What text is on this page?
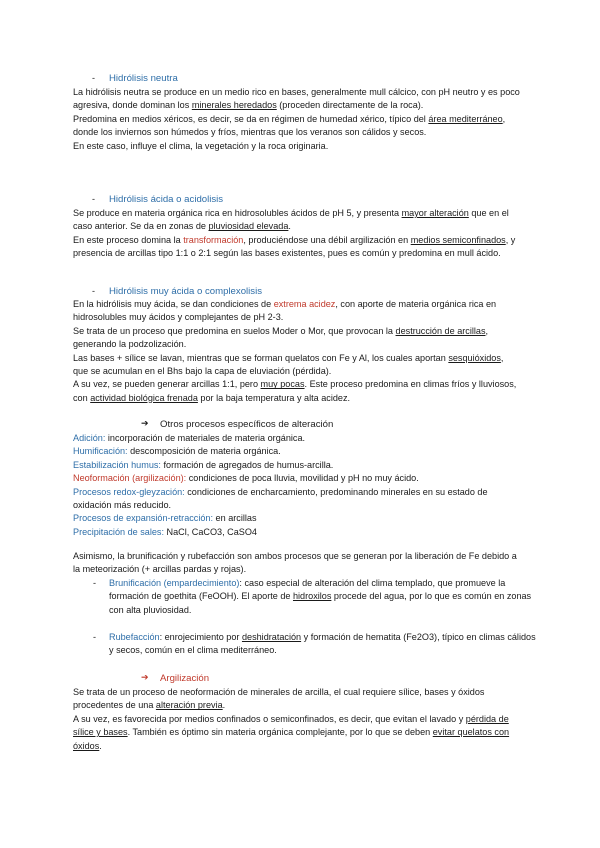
- Hidrólisis neutra

La hidrólisis neutra se produce en un medio rico en bases, generalmente mull cálcico, con pH neutro y es poco agresiva, donde dominan los minerales heredados (proceden directamente de la roca).

Predomina en medios xéricos, es decir, se da en régimen de humedad xérico, típico del área mediterráneo, donde los inviernos son húmedos y fríos, mientras que los veranos son cálidos y secos.

En este caso, influye el clima, la vegetación y la roca originaria.

- Hidrólisis ácida o acidolisis

Se produce en materia orgánica rica en hidrosolubles ácidos de pH 5, y presenta mayor alteración que en el caso anterior. Se da en zonas de pluviosidad elevada.

En este proceso domina la transformación, produciéndose una débil argilización en medios semiconfinados, y presencia de arcillas tipo 1:1 o 2:1 según las bases existentes, pues es común y predomina en mull ácido.

- Hidrólisis muy ácida o complexolisis

En la hidrólisis muy ácida, se dan condiciones de extrema acidez, con aporte de materia orgánica rica en hidrosolubles muy ácidos y complejantes de pH 2-3.

Se trata de un proceso que predomina en suelos Moder o Mor, que provocan la destrucción de arcillas, generando la podzolización.

Las bases + sílice se lavan, mientras que se forman quelatos con Fe y Al, los cuales aportan sesquióxidos, que se acumulan en el Bhs bajo la capa de eluviación (pérdida).

A su vez, se pueden generar arcillas 1:1, pero muy pocas. Este proceso predomina en climas fríos y lluviosos, con actividad biológica frenada por la baja temperatura y alta acidez.

➔ Otros procesos específicos de alteración

Adición: incorporación de materiales de materia orgánica.

Humificación: descomposición de materia orgánica.

Estabilización humus: formación de agregados de humus-arcilla.

Neoformación (argilización): condiciones de poca lluvia, movilidad y pH no muy ácido.

Procesos redox-gleyzación: condiciones de encharcamiento, predominando minerales en su estado de oxidación más reducido.

Procesos de expansión-retracción: en arcillas

Precipitación de sales: NaCl, CaCO3, CaSO4

Asimismo, la brunificación y rubefacción son ambos procesos que se generan por la liberación de Fe debido a la meteorización (+ arcillas pardas y rojas).
- Brunificación (empardecimiento): caso especial de alteración del clima templado, que promueve la formación de goethita (FeOOH). El aporte de hidroxilos procede del agua, por lo que es común en zonas con alta pluviosidad.
- Rubefacción: enrojecimiento por deshidratación y formación de hematita (Fe2O3), típico en climas cálidos y secos, común en el clima mediterráneo.
➔ Argilización

Se trata de un proceso de neoformación de minerales de arcilla, el cual requiere sílice, bases y óxidos procedentes de una alteración previa.

A su vez, es favorecida por medios confinados o semiconfinados, es decir, que evitan el lavado y pérdida de sílice y bases. También es óptimo sin materia orgánica complejante, por lo que se deben evitar quelatos con óxidos.
